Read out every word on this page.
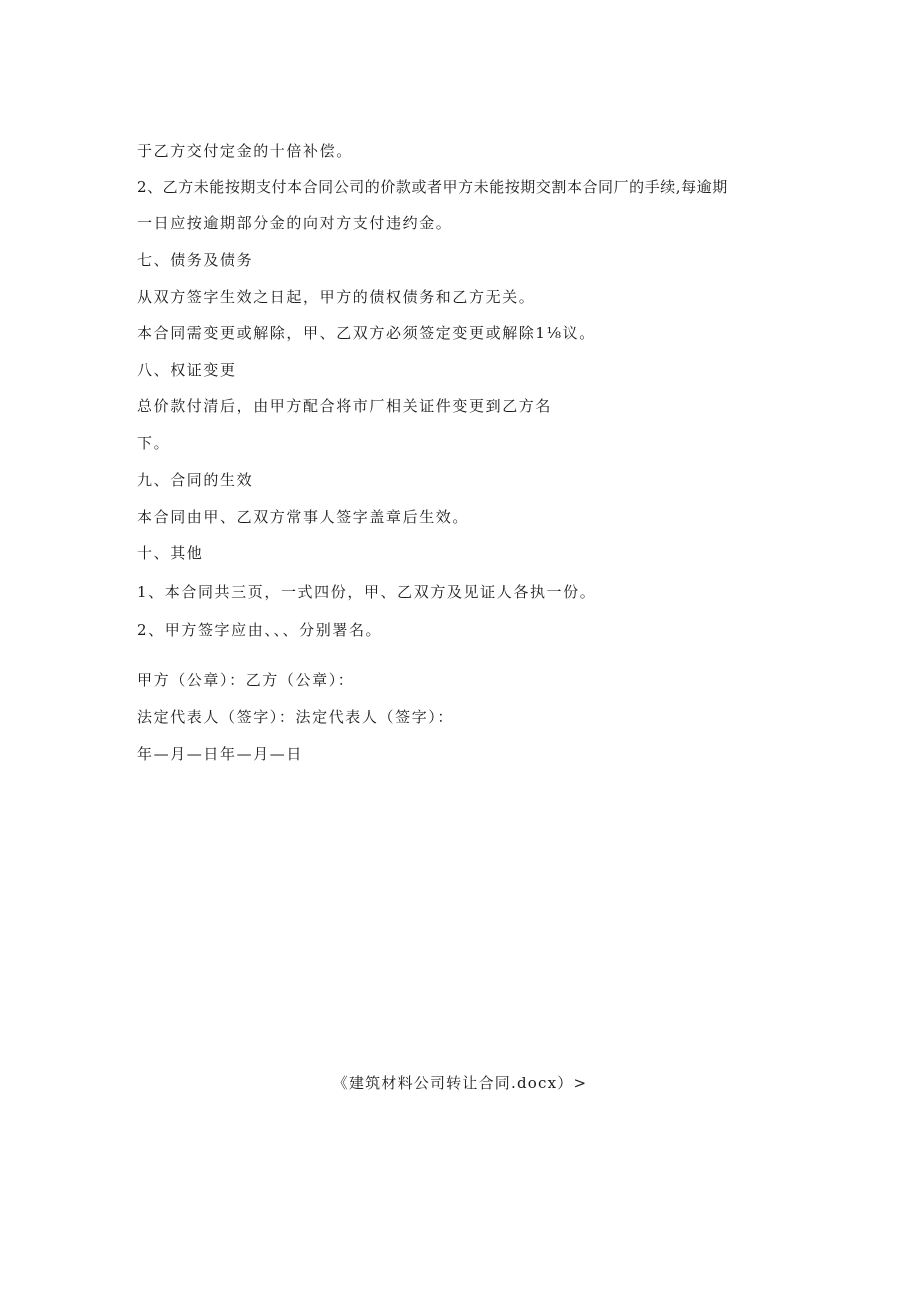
于乙方交付定金的十倍补偿。
2、乙方未能按期支付本合同公司的价款或者甲方未能按期交割本合同厂的手续,每逾期
一日应按逾期部分金的向对方支付违约金。
七、债务及债务
从双方签字生效之日起，甲方的债权债务和乙方无关。
本合同需变更或解除，甲、乙双方必须签定变更或解除1⅛议。
八、权证变更
总价款付清后，由甲方配合将市厂相关证件变更到乙方名
下。
九、合同的生效
本合同由甲、乙双方常事人签字盖章后生效。
十、其他
1、本合同共三页，一式四份，甲、乙双方及见证人各执一份。
2、甲方签字应由、、、分别署名。
甲方（公章）：乙方（公章）：
法定代表人（签字）：法定代表人（签字）：
年—月—日年—月—日
《建筑材料公司转让合同.docx）>
